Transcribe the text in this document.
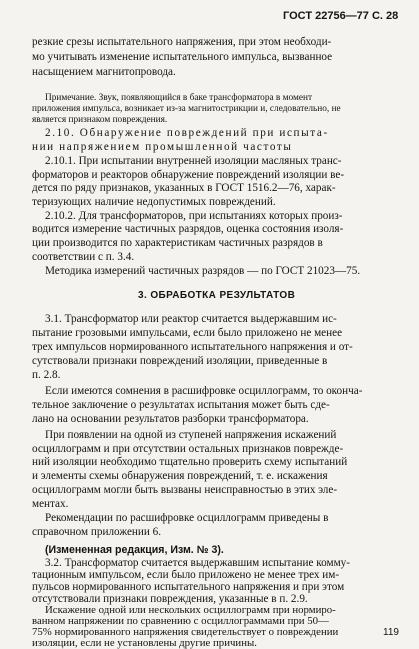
ГОСТ 22756—77 С. 28
резкие срезы испытательного напряжения, при этом необходи-
мо учитывать изменение испытательного импульса, вызванное
насыщением магнитопровода.
Примечание. Звук, появляющийся в баке трансформатора в момент
приложения импульса, возникает из-за магнитострикции и, следовательно, не
является признаком повреждения.
2.10. Обнаружение повреждений при испыта-
нии напряжением промышленной частоты
2.10.1. При испытании внутренней изоляции масляных транс-
форматоров и реакторов обнаружение повреждений изоляции ве-
дется по ряду признаков, указанных в ГОСТ 1516.2—76, харак-
теризующих наличие недопустимых повреждений.
2.10.2. Для трансформаторов, при испытаниях которых произ-
водится измерение частичных разрядов, оценка состояния изоля-
ции производится по характеристикам частичных разрядов в
соответствии с п. 3.4.
Методика измерений частичных разрядов — по ГОСТ 21023—75.
3. ОБРАБОТКА РЕЗУЛЬТАТОВ
3.1. Трансформатор или реактор считается выдержавшим ис-
пытание грозовыми импульсами, если было приложено не менее
трех импульсов нормированного испытательного напряжения и от-
сутствовали признаки повреждений изоляции, приведенные в
п. 2.8.
Если имеются сомнения в расшифровке осциллограмм, то оконча-
тельное заключение о результатах испытания может быть сде-
лано на основании результатов разборки трансформатора.
При появлении на одной из ступеней напряжения искажений
осциллограмм и при отсутствии остальных признаков поврежде-
ний изоляции необходимо тщательно проверить схему испытаний
и элементы схемы обнаружения повреждений, т. е. искажения
осциллограмм могли быть вызваны неисправностью в этих эле-
ментах.
Рекомендации по расшифровке осциллограмм приведены в
справочном приложении 6.
(Измененная редакция, Изм. № 3).
3.2. Трансформатор считается выдержавшим испытание комму-
тационным импульсом, если было приложено не менее трех им-
пульсов нормированного испытательного напряжения и при этом
отсутствовали признаки повреждения, указанные в п. 2.9.
Искажение одной или нескольких осциллограмм при нормиро-
ванном напряжении по сравнению с осциллограммами при 50—
75% нормированного напряжения свидетельствует о повреждении
изоляции, если не установлены другие причины.
119
